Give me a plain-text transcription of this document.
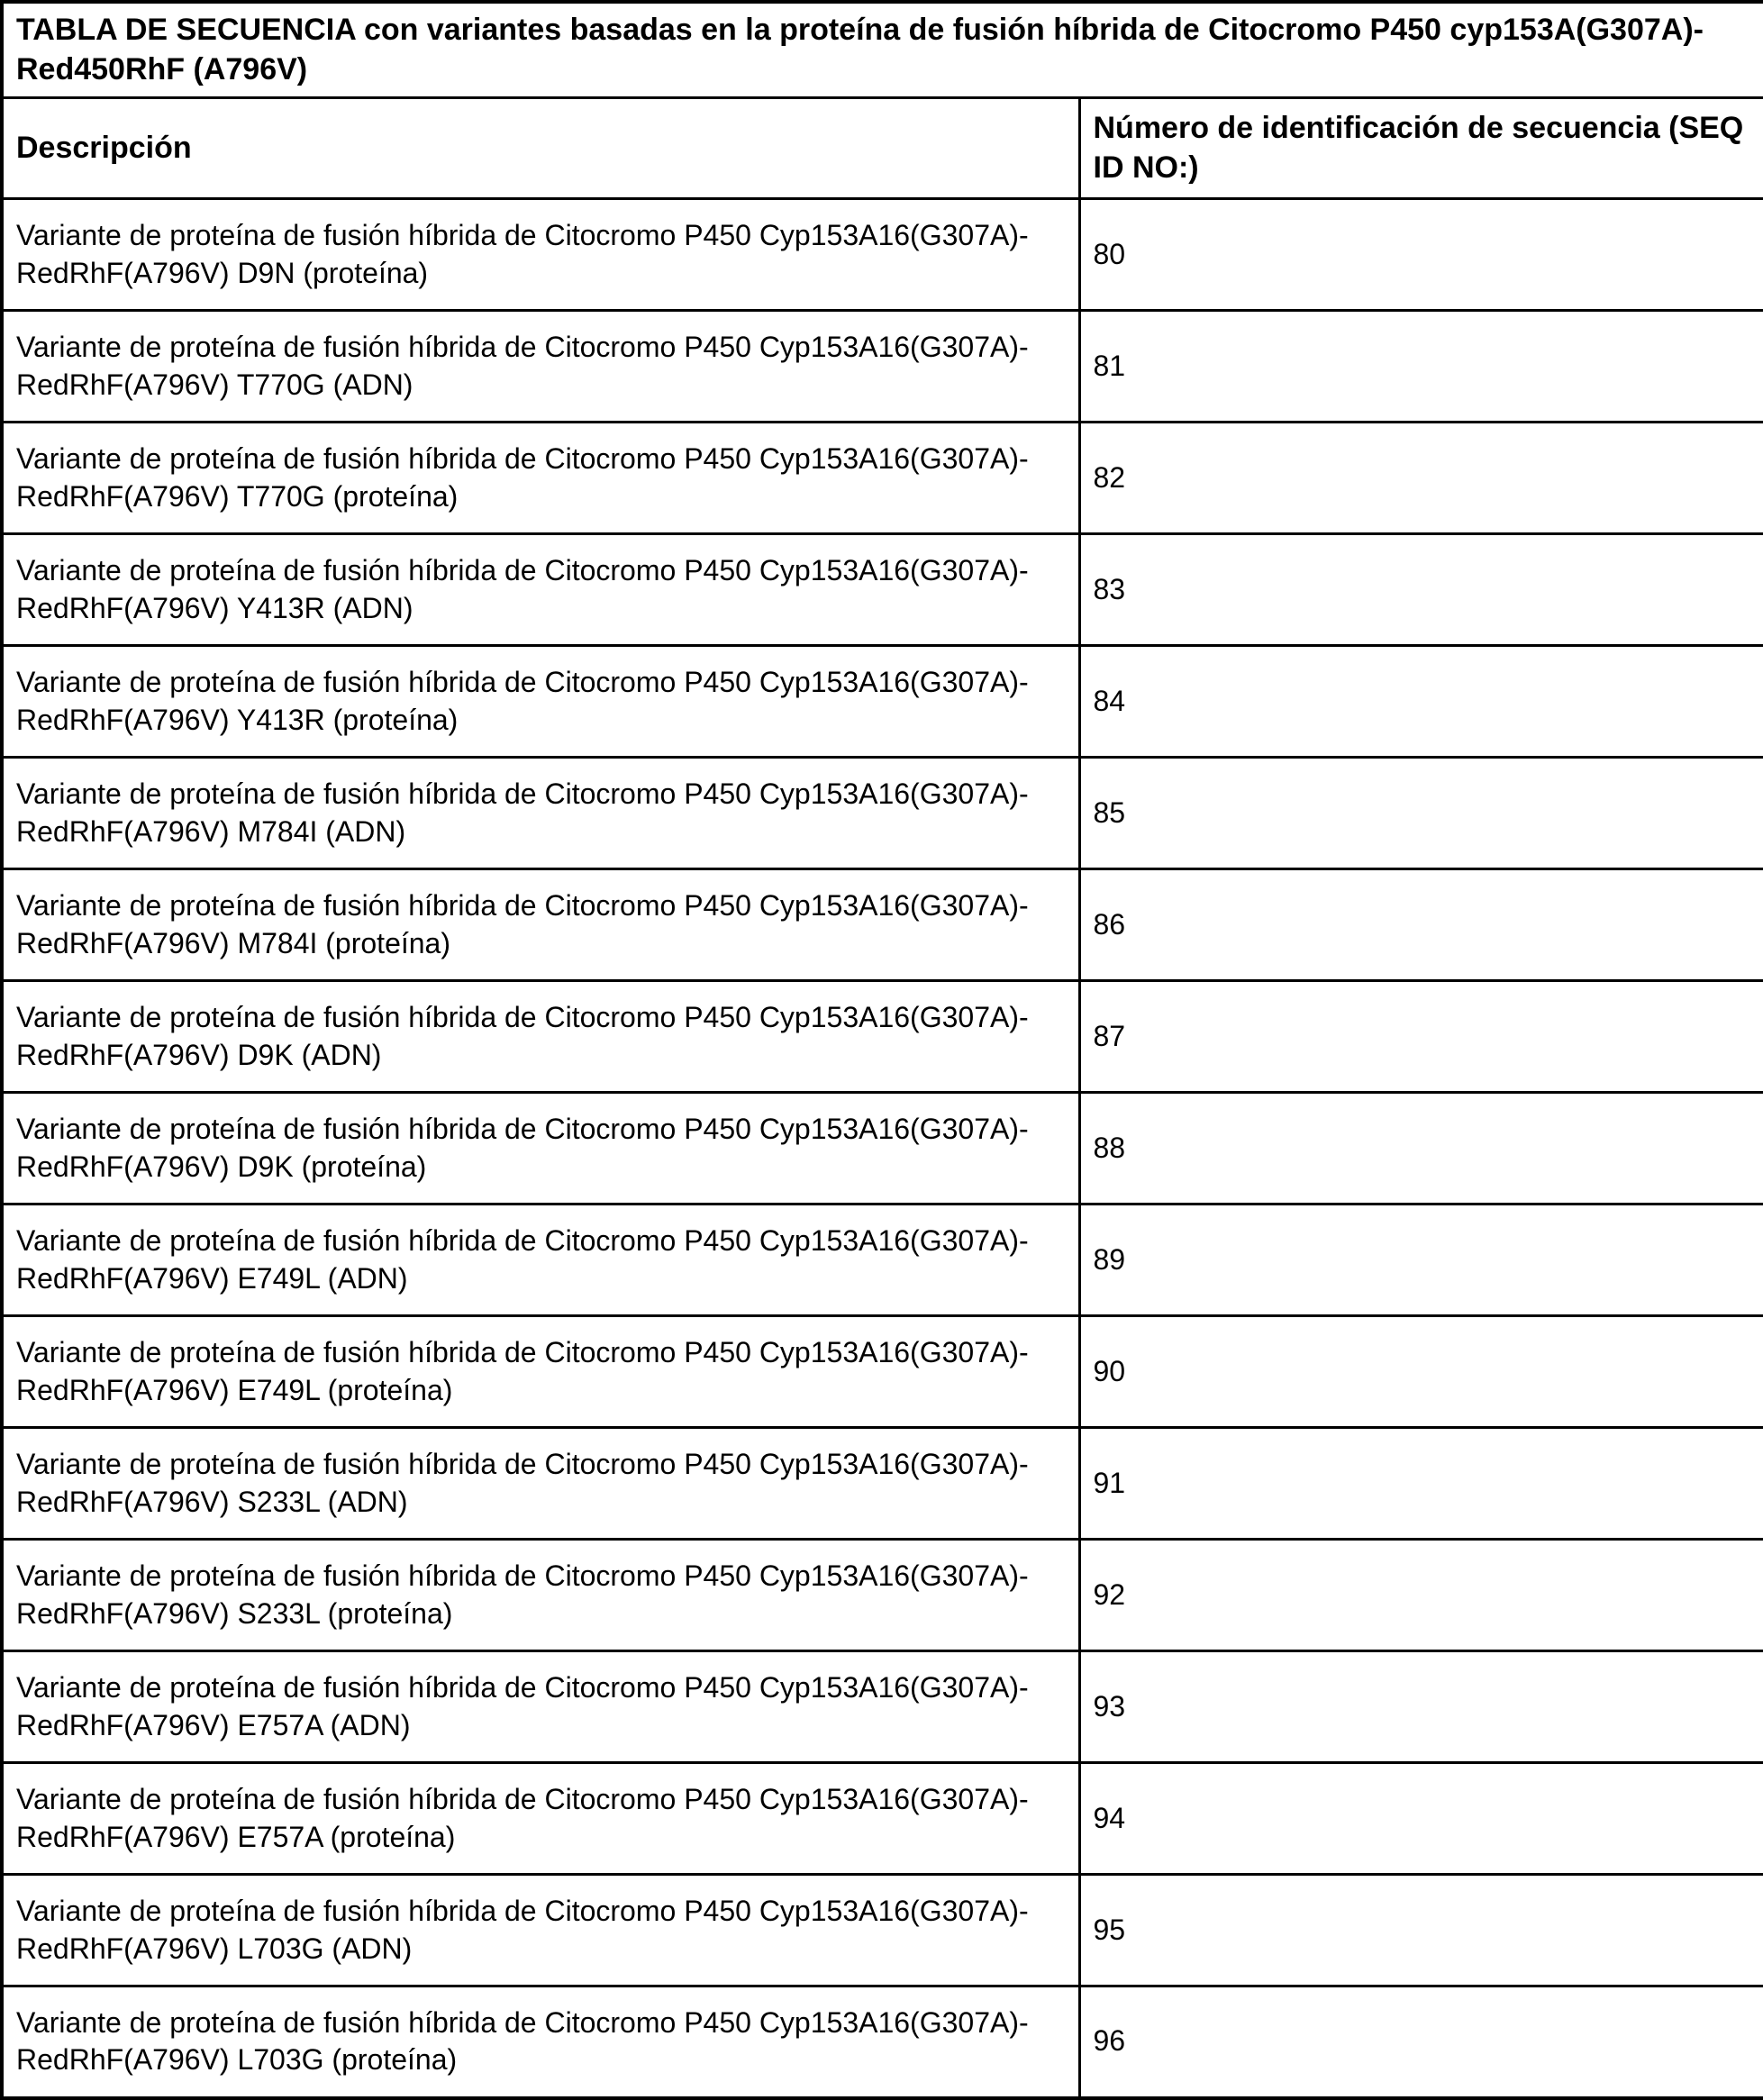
TABLA DE SECUENCIA con variantes basadas en la proteína de fusión híbrida de Citocromo P450 cyp153A(G307A)-Red450RhF (A796V)	
Descripción	Número de identificación de secuencia (SEQ ID NO:)
Variante de proteína de fusión híbrida de Citocromo P450 Cyp153A16(G307A)-RedRhF(A796V) D9N (proteína)	80
Variante de proteína de fusión híbrida de Citocromo P450 Cyp153A16(G307A)-RedRhF(A796V) T770G (ADN)	81
Variante de proteína de fusión híbrida de Citocromo P450 Cyp153A16(G307A)-RedRhF(A796V) T770G (proteína)	82
Variante de proteína de fusión híbrida de Citocromo P450 Cyp153A16(G307A)-RedRhF(A796V) Y413R (ADN)	83
Variante de proteína de fusión híbrida de Citocromo P450 Cyp153A16(G307A)-RedRhF(A796V) Y413R (proteína)	84
Variante de proteína de fusión híbrida de Citocromo P450 Cyp153A16(G307A)-RedRhF(A796V) M784I (ADN)	85
Variante de proteína de fusión híbrida de Citocromo P450 Cyp153A16(G307A)-RedRhF(A796V) M784I (proteína)	86
Variante de proteína de fusión híbrida de Citocromo P450 Cyp153A16(G307A)-RedRhF(A796V) D9K (ADN)	87
Variante de proteína de fusión híbrida de Citocromo P450 Cyp153A16(G307A)-RedRhF(A796V) D9K (proteína)	88
Variante de proteína de fusión híbrida de Citocromo P450 Cyp153A16(G307A)-RedRhF(A796V) E749L (ADN)	89
Variante de proteína de fusión híbrida de Citocromo P450 Cyp153A16(G307A)-RedRhF(A796V) E749L (proteína)	90
Variante de proteína de fusión híbrida de Citocromo P450 Cyp153A16(G307A)-RedRhF(A796V) S233L (ADN)	91
Variante de proteína de fusión híbrida de Citocromo P450 Cyp153A16(G307A)-RedRhF(A796V) S233L (proteína)	92
Variante de proteína de fusión híbrida de Citocromo P450 Cyp153A16(G307A)-RedRhF(A796V) E757A (ADN)	93
Variante de proteína de fusión híbrida de Citocromo P450 Cyp153A16(G307A)-RedRhF(A796V) E757A (proteína)	94
Variante de proteína de fusión híbrida de Citocromo P450 Cyp153A16(G307A)-RedRhF(A796V) L703G (ADN)	95
Variante de proteína de fusión híbrida de Citocromo P450 Cyp153A16(G307A)-RedRhF(A796V) L703G (proteína)	96
